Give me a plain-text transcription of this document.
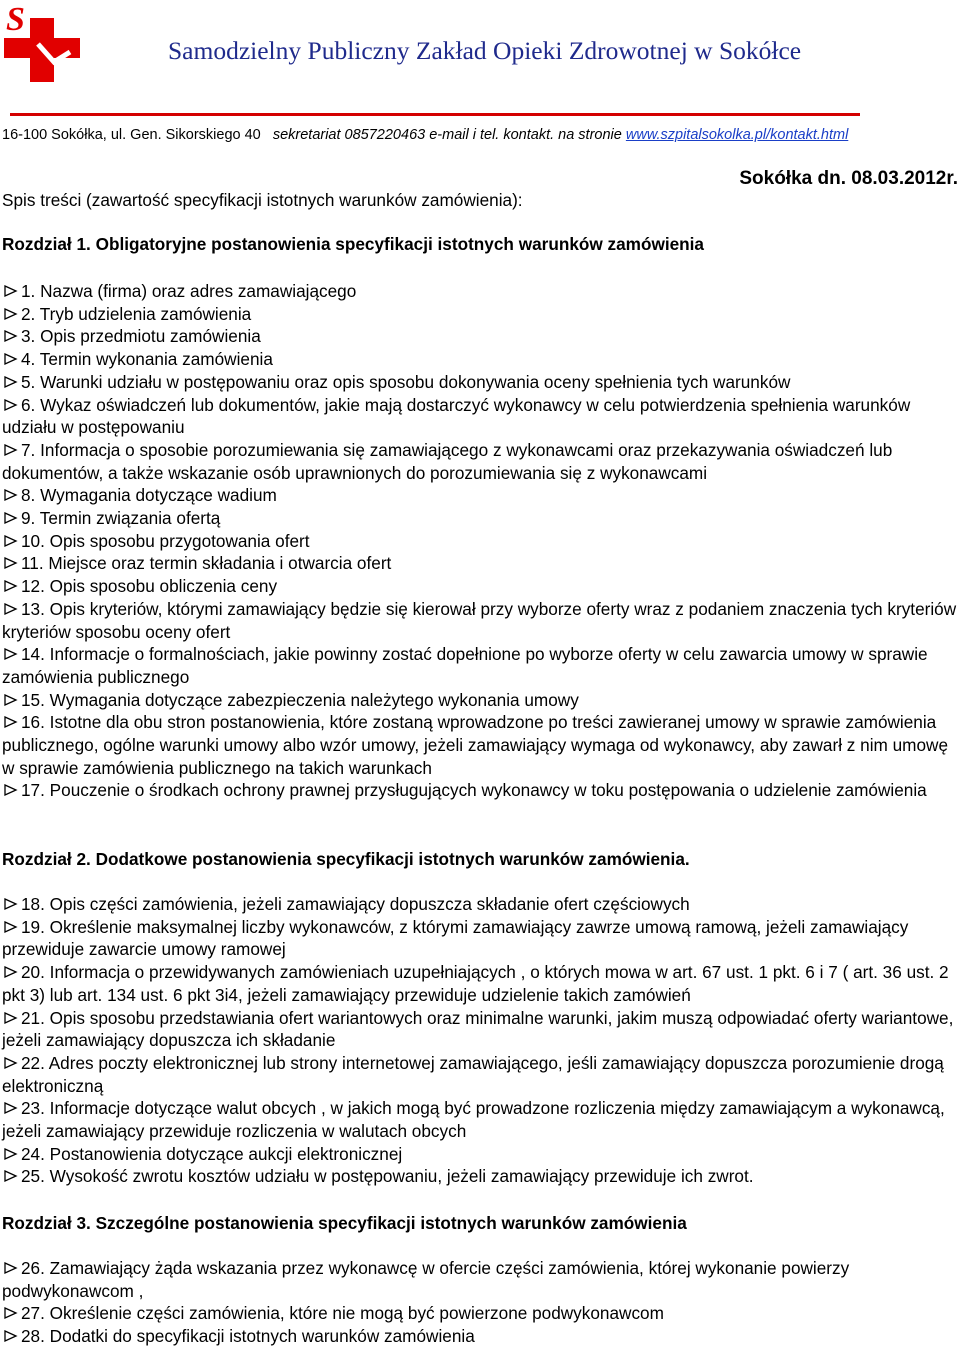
S
Samodzielny Publiczny Zakład Opieki Zdrowotnej w Sokółce
16-100 Sokółka, ul. Gen. Sikorskiego 40 sekretariat 0857220463 e-mail i tel. kontakt. na stronie www.szpitalsokolka.pl/kontakt.html
Sokółka dn. 08.03.2012r.
Spis treści (zawartość specyfikacji istotnych warunków zamówienia):
Rozdział 1. Obligatoryjne postanowienia specyfikacji istotnych warunków zamówienia
1. Nazwa (firma) oraz adres zamawiającego
2. Tryb udzielenia zamówienia
3. Opis przedmiotu zamówienia
4. Termin wykonania zamówienia
5. Warunki udziału w postępowaniu oraz opis sposobu dokonywania oceny spełnienia tych warunków
6. Wykaz oświadczeń lub dokumentów, jakie mają dostarczyć wykonawcy w celu potwierdzenia spełnienia warunków udziału w postępowaniu
7. Informacja o sposobie porozumiewania się zamawiającego z wykonawcami oraz przekazywania oświadczeń lub dokumentów, a także wskazanie osób uprawnionych do porozumiewania się z wykonawcami
8. Wymagania dotyczące wadium
9. Termin związania ofertą
10. Opis sposobu przygotowania ofert
11. Miejsce oraz termin składania i otwarcia ofert
12. Opis sposobu obliczenia ceny
13. Opis kryteriów, którymi zamawiający będzie się kierował przy wyborze oferty wraz z podaniem znaczenia tych kryteriów kryteriów sposobu oceny ofert
14. Informacje o formalnościach, jakie powinny zostać dopełnione po wyborze oferty w celu zawarcia umowy w sprawie zamówienia publicznego
15. Wymagania dotyczące zabezpieczenia należytego wykonania umowy
16. Istotne dla obu stron postanowienia, które zostaną wprowadzone po treści zawieranej umowy w sprawie zamówienia publicznego, ogólne warunki umowy albo wzór umowy, jeżeli zamawiający wymaga od wykonawcy, aby zawarł z nim umowę w sprawie zamówienia publicznego na takich warunkach
17. Pouczenie o środkach ochrony prawnej przysługujących wykonawcy w toku postępowania o udzielenie zamówienia
Rozdział 2. Dodatkowe postanowienia specyfikacji istotnych warunków zamówienia.
18. Opis części zamówienia, jeżeli zamawiający dopuszcza składanie ofert częściowych
19. Określenie maksymalnej liczby wykonawców, z którymi zamawiający zawrze umową ramową, jeżeli zamawiający przewiduje zawarcie umowy ramowej
20. Informacja o przewidywanych zamówieniach uzupełniających , o których mowa w art. 67 ust. 1 pkt. 6 i 7 ( art. 36 ust. 2 pkt 3) lub art. 134 ust. 6 pkt 3i4, jeżeli zamawiający przewiduje udzielenie takich zamówień
21. Opis sposobu przedstawiania ofert wariantowych oraz minimalne warunki, jakim muszą odpowiadać oferty wariantowe, jeżeli zamawiający dopuszcza ich składanie
22. Adres poczty elektronicznej lub strony internetowej zamawiającego, jeśli zamawiający dopuszcza porozumienie drogą elektroniczną
23. Informacje dotyczące walut obcych , w jakich mogą być prowadzone rozliczenia między zamawiającym a wykonawcą, jeżeli zamawiający przewiduje rozliczenia w walutach obcych
24. Postanowienia dotyczące aukcji elektronicznej
25. Wysokość zwrotu kosztów udziału w postępowaniu, jeżeli zamawiający przewiduje ich zwrot.
Rozdział 3. Szczególne postanowienia specyfikacji istotnych warunków zamówienia
26. Zamawiający żąda wskazania przez wykonawcę w ofercie części zamówienia, której wykonanie powierzy podwykonawcom ,
27. Określenie części zamówienia, które nie mogą być powierzone podwykonawcom
28. Dodatki do specyfikacji istotnych warunków zamówienia
